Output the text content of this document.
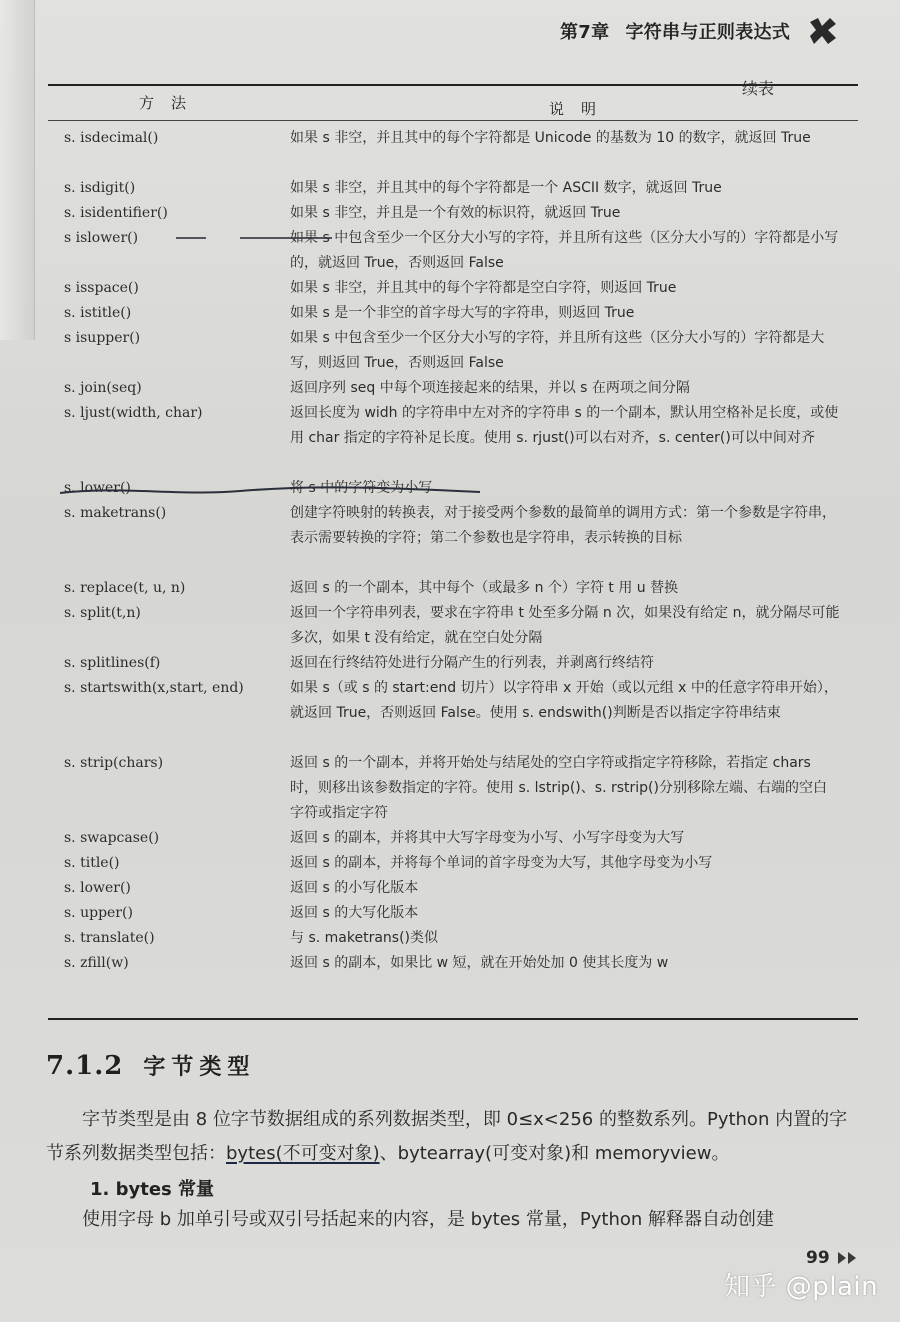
第7章 字符串与正则表达式
续表
方　法	说　明
s. isdecimal()	如果 s 非空，并且其中的每个字符都是 Unicode 的基数为 10 的数字，就返回 True
s. isdigit()	如果 s 非空，并且其中的每个字符都是一个 ASCII 数字，就返回 True
s. isidentifier()	如果 s 非空，并且是一个有效的标识符，就返回 True
s islower()	如果 s 中包含至少一个区分大小写的字符，并且所有这些（区分大小写的）字符都是小写的，就返回 True，否则返回 False
s isspace()	如果 s 非空，并且其中的每个字符都是空白字符，则返回 True
s. istitle()	如果 s 是一个非空的首字母大写的字符串，则返回 True
s isupper()	如果 s 中包含至少一个区分大小写的字符，并且所有这些（区分大小写的）字符都是大写，则返回 True，否则返回 False
s. join(seq)	返回序列 seq 中每个项连接起来的结果，并以 s 在两项之间分隔
s. ljust(width, char)	返回长度为 widh 的字符串中左对齐的字符串 s 的一个副本，默认用空格补足长度，或使用 char 指定的字符补足长度。使用 s. rjust()可以右对齐，s. center()可以中间对齐
s. lower()	将 s 中的字符变为小写
s. maketrans()	创建字符映射的转换表，对于接受两个参数的最简单的调用方式：第一个参数是字符串，表示需要转换的字符；第二个参数也是字符串，表示转换的目标
s. replace(t, u, n)	返回 s 的一个副本，其中每个（或最多 n 个）字符 t 用 u 替换
s. split(t,n)	返回一个字符串列表，要求在字符串 t 处至多分隔 n 次，如果没有给定 n，就分隔尽可能多次，如果 t 没有给定，就在空白处分隔
s. splitlines(f)	返回在行终结符处进行分隔产生的行列表，并剥离行终结符
s. startswith(x,start, end)	如果 s（或 s 的 start:end 切片）以字符串 x 开始（或以元组 x 中的任意字符串开始），就返回 True，否则返回 False。使用 s. endswith()判断是否以指定字符串结束
s. strip(chars)	返回 s 的一个副本，并将开始处与结尾处的空白字符或指定字符移除，若指定 chars 时，则移出该参数指定的字符。使用 s. lstrip()、s. rstrip()分别移除左端、右端的空白字符或指定字符
s. swapcase()	返回 s 的副本，并将其中大写字母变为小写、小写字母变为大写
s. title()	返回 s 的副本，并将每个单词的首字母变为大写，其他字母变为小写
s. lower()	返回 s 的小写化版本
s. upper()	返回 s 的大写化版本
s. translate()	与 s. maketrans()类似
s. zfill(w)	返回 s 的副本，如果比 w 短，就在开始处加 0 使其长度为 w
7.1.2 字节类型
字节类型是由 8 位字节数据组成的系列数据类型，即 0≤x<256 的整数系列。Python 内置的字节系列数据类型包括：bytes(不可变对象)、bytearray(可变对象)和 memoryview。
1. bytes 常量
使用字母 b 加单引号或双引号括起来的内容，是 bytes 常量，Python 解释器自动创建
99
知乎 @plain
